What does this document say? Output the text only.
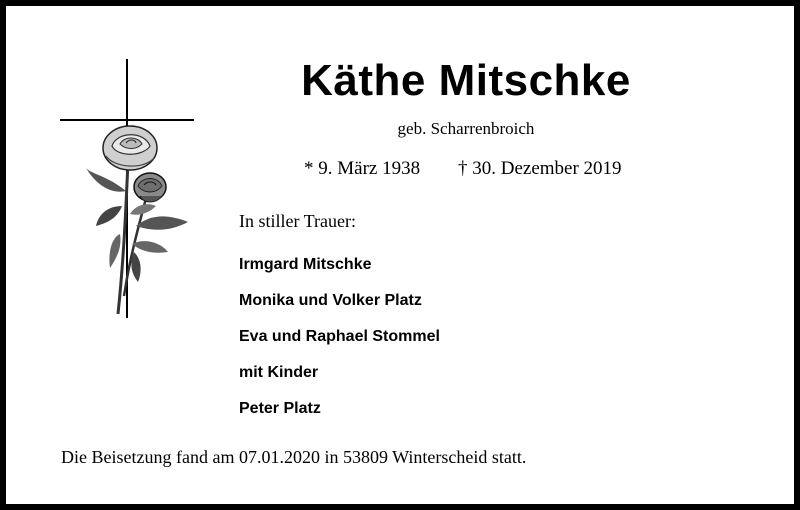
Käthe Mitschke
geb. Scharrenbroich
* 9. März 1938 † 30. Dezember 2019
In stiller Trauer:
Irmgard Mitschke
Monika und Volker Platz
Eva und Raphael Stommel
mit Kinder
Peter Platz
Die Beisetzung fand am 07.01.2020 in 53809 Winterscheid statt.
